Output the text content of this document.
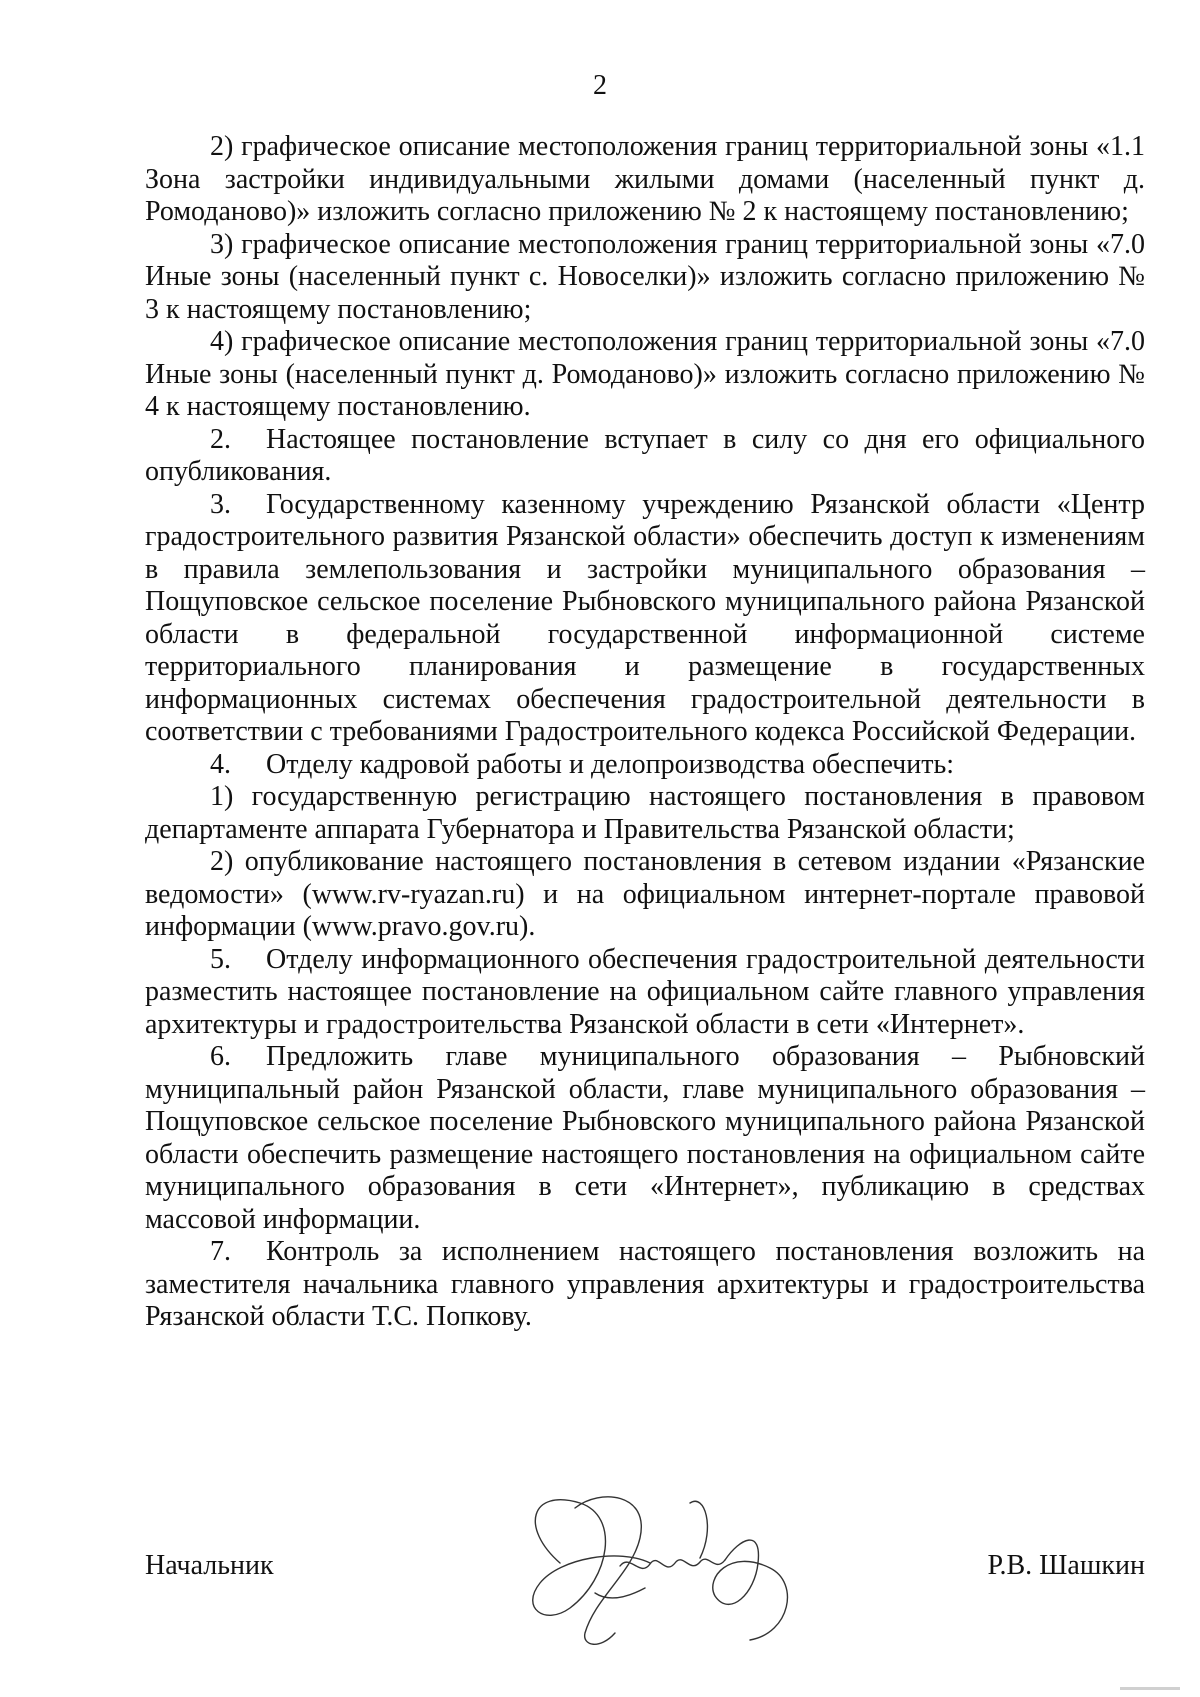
2

2) графическое описание местоположения границ территориальной зоны «1.1 Зона застройки индивидуальными жилыми домами (населенный пункт д. Ромоданово)» изложить согласно приложению № 2 к настоящему постановлению;

3) графическое описание местоположения границ территориальной зоны «7.0 Иные зоны (населенный пункт с. Новоселки)» изложить согласно приложению № 3 к настоящему постановлению;

4) графическое описание местоположения границ территориальной зоны «7.0 Иные зоны (населенный пункт д. Ромоданово)» изложить согласно приложению № 4 к настоящему постановлению.

2. Настоящее постановление вступает в силу со дня его официального опубликования.

3. Государственному казенному учреждению Рязанской области «Центр градостроительного развития Рязанской области» обеспечить доступ к изменениям в правила землепользования и застройки муниципального образования – Пощуповское сельское поселение Рыбновского муниципального района Рязанской области в федеральной государственной информационной системе территориального планирования и размещение в государственных информационных системах обеспечения градостроительной деятельности в соответствии с требованиями Градостроительного кодекса Российской Федерации.

4. Отделу кадровой работы и делопроизводства обеспечить:

1) государственную регистрацию настоящего постановления в правовом департаменте аппарата Губернатора и Правительства Рязанской области;

2) опубликование настоящего постановления в сетевом издании «Рязанские ведомости» (www.rv-ryazan.ru) и на официальном интернет-портале правовой информации (www.pravo.gov.ru).

5. Отделу информационного обеспечения градостроительной деятельности разместить настоящее постановление на официальном сайте главного управления архитектуры и градостроительства Рязанской области в сети «Интернет».

6. Предложить главе муниципального образования – Рыбновский муниципальный район Рязанской области, главе муниципального образования – Пощуповское сельское поселение Рыбновского муниципального района Рязанской области обеспечить размещение настоящего постановления на официальном сайте муниципального образования в сети «Интернет», публикацию в средствах массовой информации.

7. Контроль за исполнением настоящего постановления возложить на заместителя начальника главного управления архитектуры и градостроительства Рязанской области Т.С. Попкову.

Начальник	Р.В. Шашкин
